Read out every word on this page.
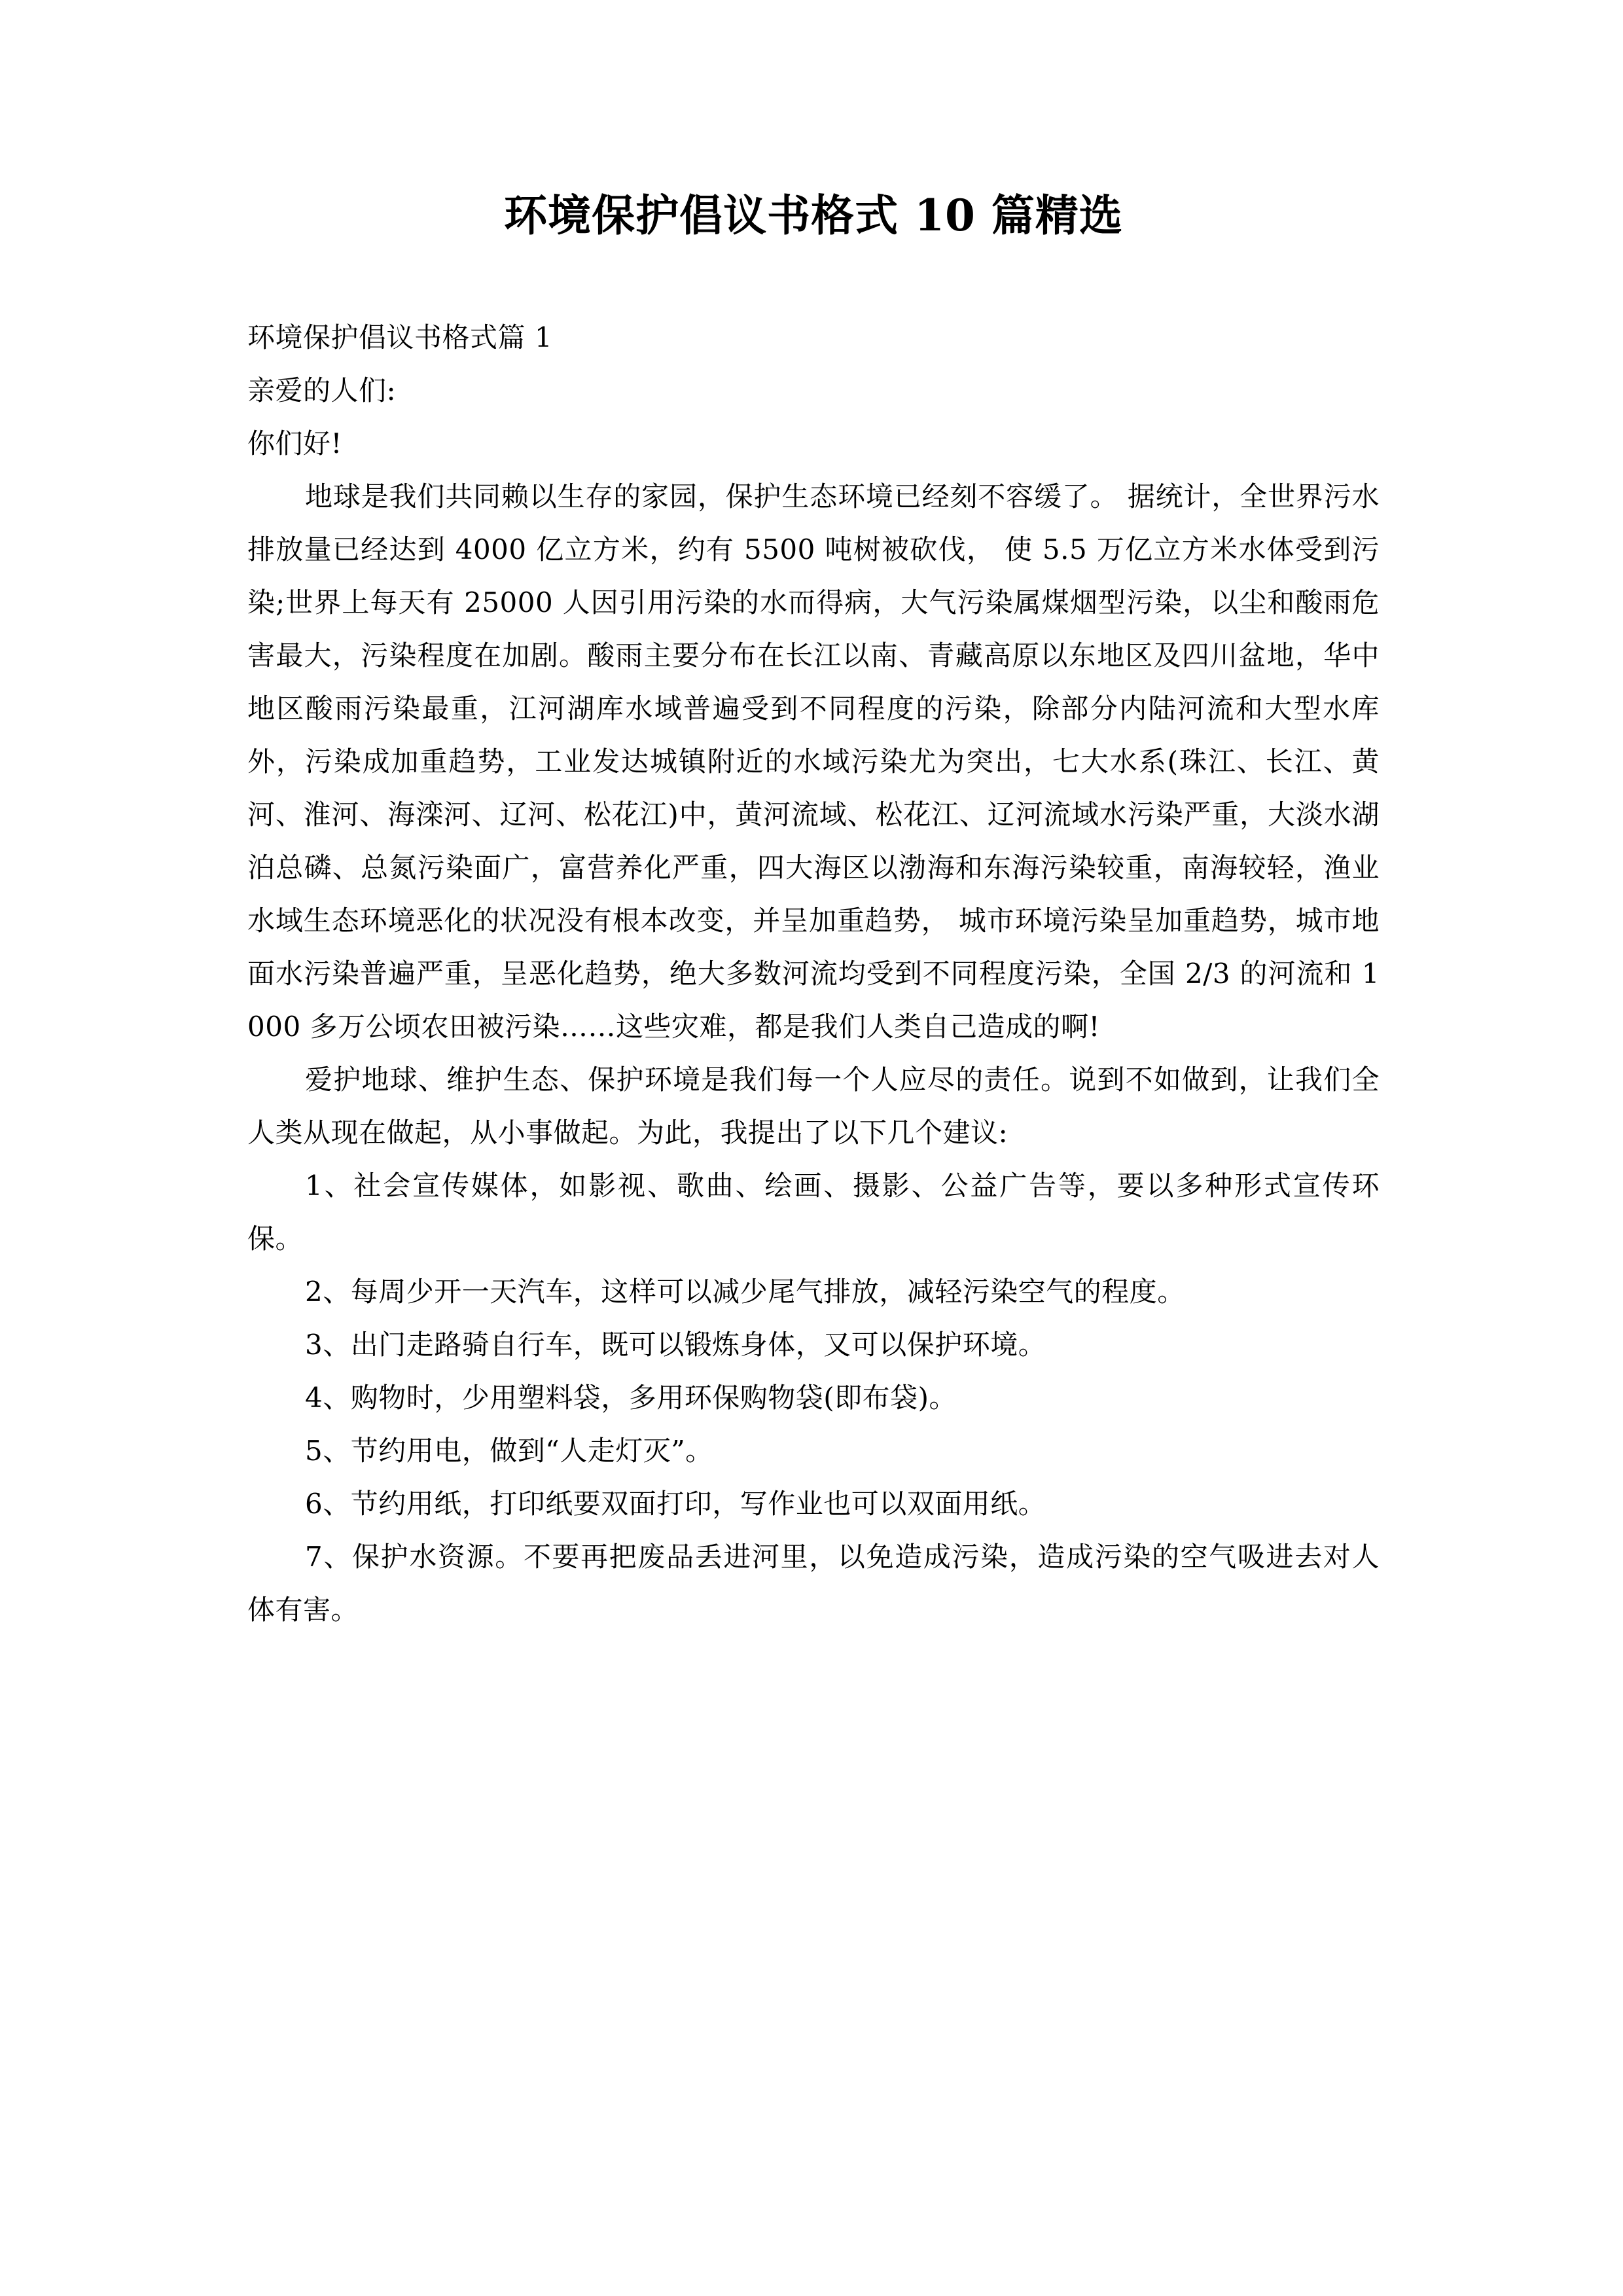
环境保护倡议书格式 10 篇精选

环境保护倡议书格式篇 1

亲爱的人们:

你们好!

地球是我们共同赖以生存的家园，保护生态环境已经刻不容缓了。 据统计，全世界污水排放量已经达到 4000 亿立方米，约有 5500 吨树被砍伐， 使 5.5 万亿立方米水体受到污染;世界上每天有 25000 人因引用污染的水而得病，大气污染属煤烟型污染，以尘和酸雨危害最大，污染程度在加剧。酸雨主要分布在长江以南、青藏高原以东地区及四川盆地，华中地区酸雨污染最重，江河湖库水域普遍受到不同程度的污染，除部分内陆河流和大型水库外，污染成加重趋势，工业发达城镇附近的水域污染尤为突出，七大水系(珠江、长江、黄河、淮河、海滦河、辽河、松花江)中，黄河流域、松花江、辽河流域水污染严重，大淡水湖泊总磷、总氮污染面广，富营养化严重，四大海区以渤海和东海污染较重，南海较轻，渔业水域生态环境恶化的状况没有根本改变，并呈加重趋势， 城市环境污染呈加重趋势，城市地面水污染普遍严重，呈恶化趋势，绝大多数河流均受到不同程度污染，全国 2/3 的河流和 1000 多万公顷农田被污染……这些灾难，都是我们人类自己造成的啊!

爱护地球、维护生态、保护环境是我们每一个人应尽的责任。说到不如做到，让我们全人类从现在做起，从小事做起。为此，我提出了以下几个建议:

1、社会宣传媒体，如影视、歌曲、绘画、摄影、公益广告等，要以多种形式宣传环保。

2、每周少开一天汽车，这样可以减少尾气排放，减轻污染空气的程度。

3、出门走路骑自行车，既可以锻炼身体，又可以保护环境。

4、购物时，少用塑料袋，多用环保购物袋(即布袋)。

5、节约用电，做到“人走灯灭”。

6、节约用纸，打印纸要双面打印，写作业也可以双面用纸。

7、保护水资源。不要再把废品丢进河里，以免造成污染，造成污染的空气吸进去对人体有害。
